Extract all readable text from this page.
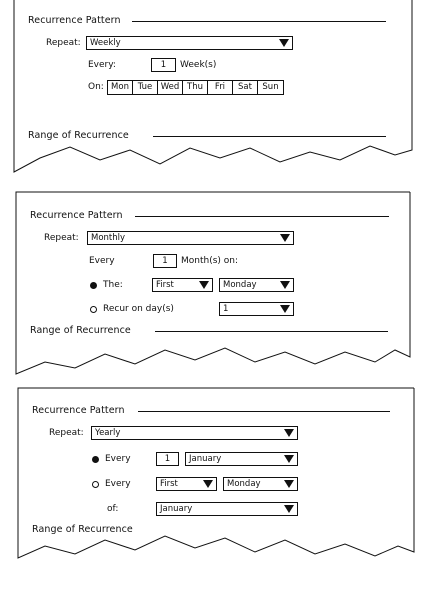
Recurrence Pattern
Repeat:	Weekly
Every:	1	Week(s)
On: Mon	Tue Wed Thu	Fri	Sat	Sun
Range of Recurrence
Recurrence Pattern
Repeat:	Monthly
Every	1	Month(s) on:
The:	First	Monday
Recur on day(s)	1
Range of Recurrence
Recurrence Pattern
Repeat:	Yearly
Every	1	January
Every	First	Monday
of:	January
Range of Recurrence
